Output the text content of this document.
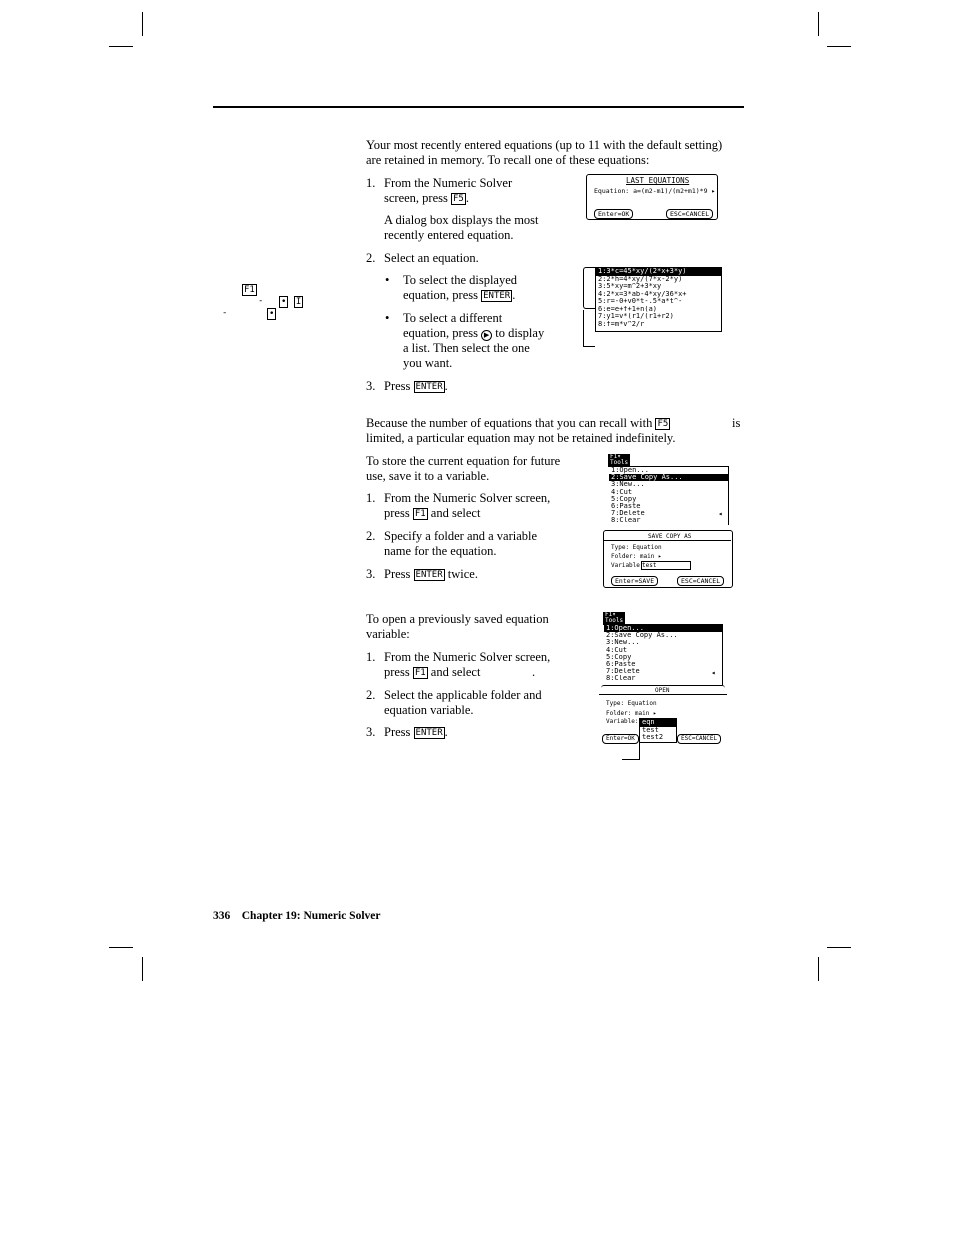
F1
- • I
-	•
Your most recently entered equations (up to 11 with the default setting) are retained in memory. To recall one of these equations:
1. From the Numeric Solver
screen, press F5 .
A dialog box displays the most
recently entered equation.
2. Select an equation.
• To select the displayed
equation, press ENTER .
• To select a different
equation, press ▶ to display
a list. Then select the one
you want.
3. Press ENTER .
LAST EQUATIONS
Equation: a=(m2-m1)/(m2+m1)*9 ▸
Enter=OK	ESC=CANCEL
1:3*c=45*xy/(2*x+3*y)
2:2*h=4*xy/(7*x-2*y)
3:5*xy=m^2+3*xy
4:2*x=3*ab-4*xy/36*x+
5:r=-0+v0*t-.5*a*t^-
6:e=e+f+1+n(a)
7:y1=v*(r1/(r1+r2)
8:f=m*v^2/r
Because the number of equations that you can recall with F5	is
limited, a particular equation may not be retained indefinitely.
To store the current equation for future
use, save it to a variable.
1. From the Numeric Solver screen,
press F1 and select
2. Specify a folder and a variable
name for the equation.
3. Press ENTER twice.
F1▾
Tools
1:Open...
2:Save Copy As...
3:New...
4:Cut
5:Copy
6:Paste
7:Delete
8:Clear
◂
SAVE COPY AS
Type: Equation
Folder: main ▸
Variable:
test
Enter=SAVE	ESC=CANCEL
To open a previously saved equation
variable:
1. From the Numeric Solver screen,
press F1 and select	.
2. Select the applicable folder and
equation variable.
3. Press ENTER .
F1▾
Tools
1:Open...
2:Save Copy As...
3:New...
4:Cut
5:Copy
6:Paste
7:Delete
8:Clear
◂
OPEN
Type: Equation
Folder: main ▸
Variable:
Enter=OK	ESC=CANCEL
eqn
test
test2
336 Chapter 19: Numeric Solver
